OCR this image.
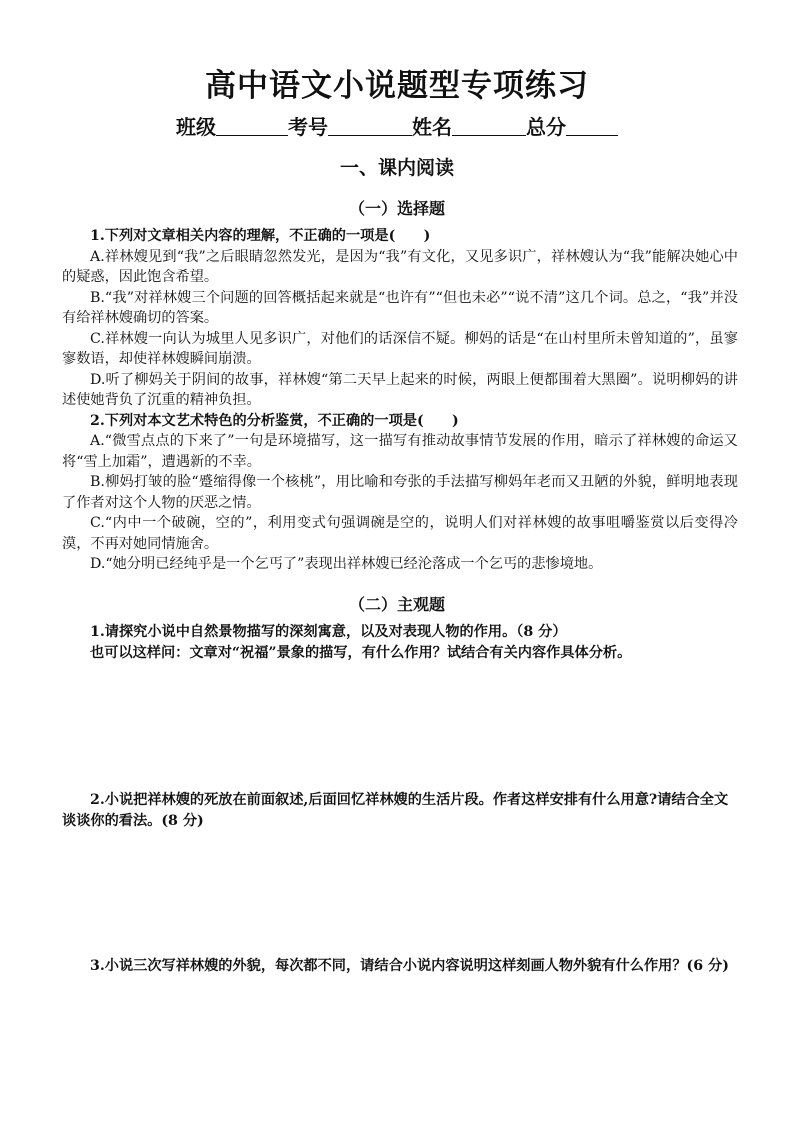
高中语文小说题型专项练习
班级	考号	姓名	总分
一、课内阅读
（一）选择题
1.下列对文章相关内容的理解，不正确的一项是(　　)
A.祥林嫂见到“我”之后眼睛忽然发光，是因为“我”有文化，又见多识广，祥林嫂认为“我”能解决她心中的疑惑，因此饱含希望。
B.“我”对祥林嫂三个问题的回答概括起来就是“也许有”“但也未必”“说不清”这几个词。总之，“我”并没有给祥林嫂确切的答案。
C.祥林嫂一向认为城里人见多识广，对他们的话深信不疑。柳妈的话是“在山村里所未曾知道的”，虽寥寥数语，却使祥林嫂瞬间崩溃。
D.听了柳妈关于阴间的故事，祥林嫂“第二天早上起来的时候，两眼上便都围着大黑圈”。说明柳妈的讲述使她背负了沉重的精神负担。
2.下列对本文艺术特色的分析鉴赏，不正确的一项是(　　)
A.“微雪点点的下来了”一句是环境描写，这一描写有推动故事情节发展的作用，暗示了祥林嫂的命运又将“雪上加霜”，遭遇新的不幸。
B.柳妈打皱的脸“蹙缩得像一个核桃”，用比喻和夸张的手法描写柳妈年老而又丑陋的外貌，鲜明地表现了作者对这个人物的厌恶之情。
C.“内中一个破碗，空的”，利用变式句强调碗是空的，说明人们对祥林嫂的故事咀嚼鉴赏以后变得冷漠，不再对她同情施舍。
D.“她分明已经纯乎是一个乞丐了”表现出祥林嫂已经沦落成一个乞丐的悲惨境地。
（二）主观题
1.请探究小说中自然景物描写的深刻寓意，以及对表现人物的作用。（8 分）
也可以这样问：文章对“祝福”景象的描写，有什么作用？试结合有关内容作具体分析。
2.小说把祥林嫂的死放在前面叙述,后面回忆祥林嫂的生活片段。作者这样安排有什么用意?请结合全文谈谈你的看法。(8 分)
3.小说三次写祥林嫂的外貌，每次都不同，请结合小说内容说明这样刻画人物外貌有什么作用？(6 分)
